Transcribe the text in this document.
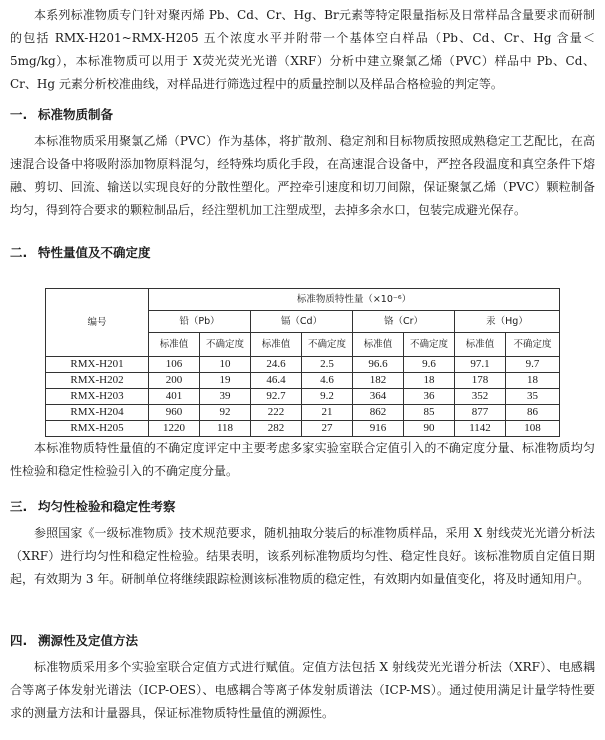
本系列标准物质专门针对聚丙烯 Pb、Cd、Cr、Hg、Br元素等特定限量指标及日常样品含量要求而研制的包括 RMX-H201~RMX-H205 五个浓度水平并附带一个基体空白样品（Pb、Cd、Cr、Hg 含量＜5mg/kg），本标准物质可以用于 X荧光荧光光谱（XRF）分析中建立聚氯乙烯（PVC）样品中 Pb、Cd、Cr、Hg 元素分析校准曲线，对样品进行筛选过程中的质量控制以及样品合格检验的判定等。

一. 标准物质制备

本标准物质采用聚氯乙烯（PVC）作为基体，将扩散剂、稳定剂和目标物质按照成熟稳定工艺配比，在高速混合设备中将吸附添加物原料混匀，经特殊均质化手段，在高速混合设备中，严控各段温度和真空条件下熔融、剪切、回流、输送以实现良好的分散性塑化。严控牵引速度和切刀间隙，保证聚氯乙烯（PVC）颗粒制备均匀，得到符合要求的颗粒制品后，经注塑机加工注塑成型，去掉多余水口，包装完成避光保存。

二. 特性量值及不确定度
编号	标准物质特性量（×10⁻⁶）							
	铅（Pb）		镉（Cd）		铬（Cr）		汞（Hg）	
	标准值	不确定度	标准值	不确定度	标准值	不确定度	标准值	不确定度
RMX-H201	106	10	24.6	2.5	96.6	9.6	97.1	9.7
RMX-H202	200	19	46.4	4.6	182	18	178	18
RMX-H203	401	39	92.7	9.2	364	36	352	35
RMX-H204	960	92	222	21	862	85	877	86
RMX-H205	1220	118	282	27	916	90	1142	108

本标准物质特性量值的不确定度评定中主要考虑多家实验室联合定值引入的不确定度分量、标准物质均匀性检验和稳定性检验引入的不确定度分量。

三. 均匀性检验和稳定性考察

参照国家《一级标准物质》技术规范要求，随机抽取分装后的标准物质样品，采用 X 射线荧光光谱分析法（XRF）进行均匀性和稳定性检验。结果表明，该系列标准物质均匀性、稳定性良好。该标准物质自定值日期起，有效期为 3 年。研制单位将继续跟踪检测该标准物质的稳定性，有效期内如量值变化，将及时通知用户。

四. 溯源性及定值方法

标准物质采用多个实验室联合定值方式进行赋值。定值方法包括 X 射线荧光光谱分析法（XRF）、电感耦合等离子体发射光谱法（ICP-OES）、电感耦合等离子体发射质谱法（ICP-MS）。通过使用满足计量学特性要求的测量方法和计量器具，保证标准物质特性量值的溯源性。
